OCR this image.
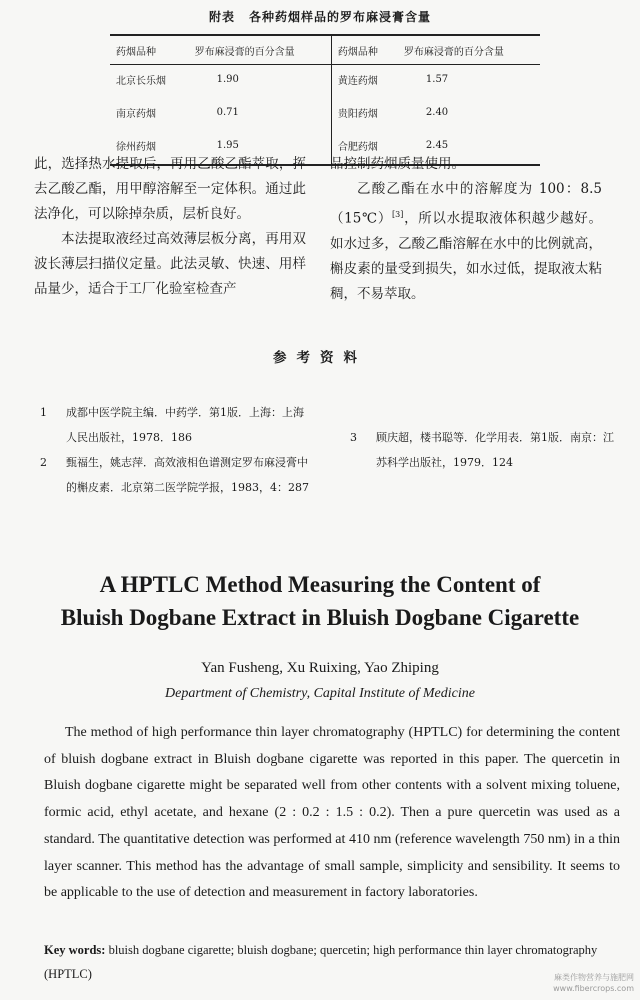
附表 各种药烟样品的罗布麻浸膏含量
药烟品种	罗布麻浸膏的百分含量	药烟品种	罗布麻浸膏的百分含量
北京长乐烟	1.90	黄连药烟	1.57
南京药烟	0.71	贵阳药烟	2.40
徐州药烟	1.95	合肥药烟	2.45

此，选择热水提取后，再用乙酸乙酯萃取，挥去乙酸乙酯，用甲醇溶解至一定体积。通过此法净化，可以除掉杂质，层析良好。

本法提取液经过高效薄层板分离，再用双波长薄层扫描仪定量。此法灵敏、快速、用样品量少，适合于工厂化验室检查产

品控制药烟质量使用。

乙酸乙酯在水中的溶解度为 100：8.5（15℃）[3]，所以水提取液体积越少越好。如水过多，乙酸乙酯溶解在水中的比例就高，槲皮素的量受到损失，如水过低，提取液太粘稠，不易萃取。

参考资料
1	成都中医学院主编．中药学．第1版．上海：上海人民出版社，1978．186
2	甄福生，姚志萍．高效液相色谱测定罗布麻浸膏中的槲皮素．北京第二医学院学报，1983，4：287
3	顾庆超，楼书聪等．化学用表．第1版．南京：江苏科学出版社，1979．124
A HPTLC Method Measuring the Content of
Bluish Dogbane Extract in Bluish Dogbane Cigarette
Yan Fusheng, Xu Ruixing, Yao Zhiping
Department of Chemistry, Capital Institute of Medicine

The method of high performance thin layer chromatography (HPTLC) for determining the content of bluish dogbane extract in Bluish dogbane cigarette was reported in this paper. The quercetin in Bluish dogbane cigarette might be separated well from other contents with a solvent mixing toluene, formic acid, ethyl acetate, and hexane (2 : 0.2 : 1.5 : 0.2). Then a pure quercetin was used as a standard. The quantitative detection was performed at 410 nm (reference wavelength 750 nm) in a thin layer scanner. This method has the advantage of small sample, simplicity and sensibility. It seems to be applicable to the use of detection and measurement in factory laboratories.

Key words: bluish dogbane cigarette; bluish dogbane; quercetin; high performance thin layer chromatography (HPTLC)	麻类作物营养与施肥网
www.fibercrops.com
